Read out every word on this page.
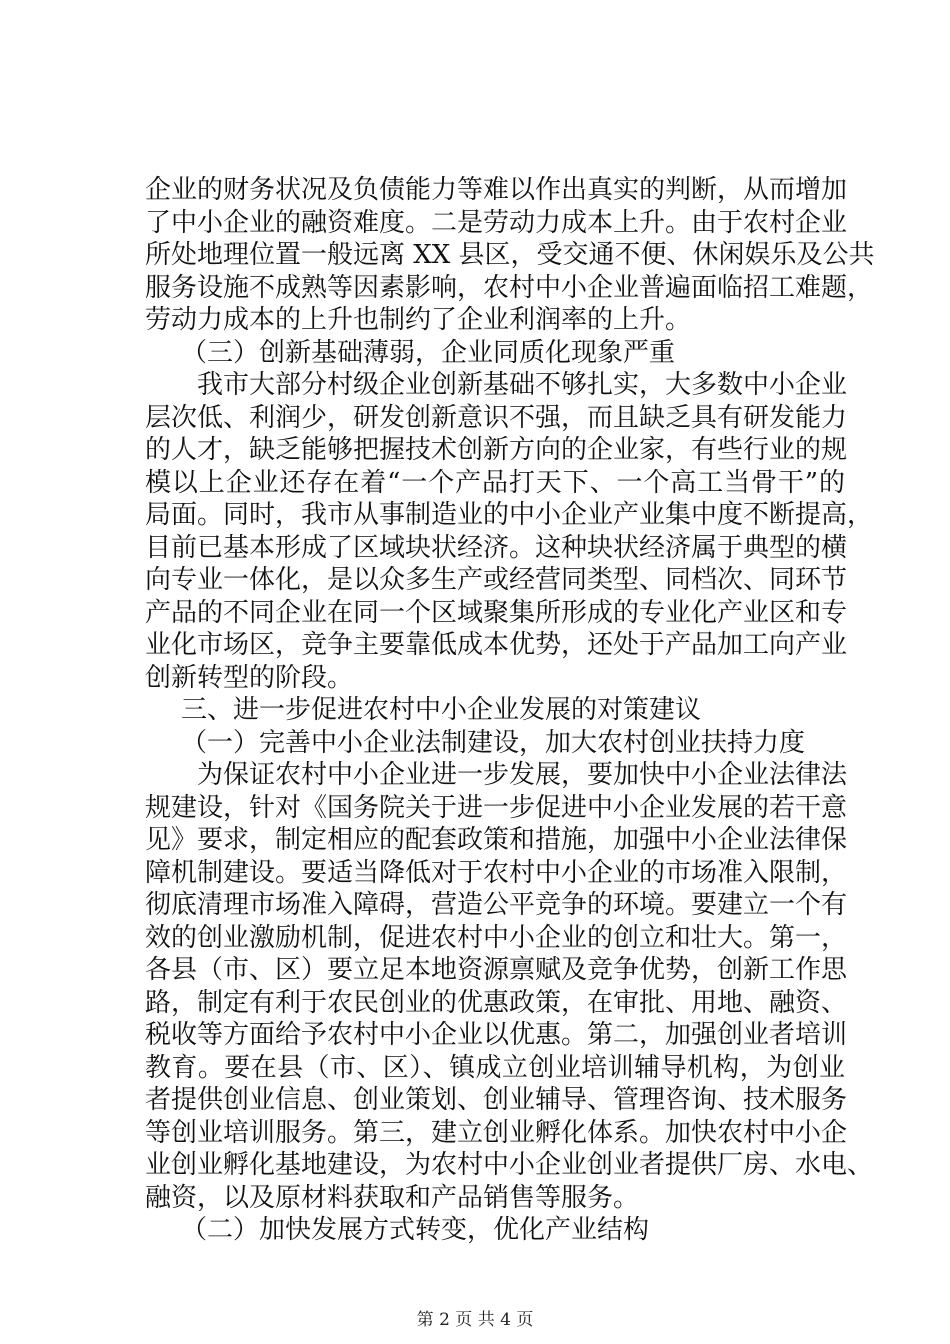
企业的财务状况及负债能力等难以作出真实的判断，从而增加
了中小企业的融资难度。二是劳动力成本上升。由于农村企业
所处地理位置一般远离 XX 县区，受交通不便、休闲娱乐及公共
服务设施不成熟等因素影响，农村中小企业普遍面临招工难题，
劳动力成本的上升也制约了企业利润率的上升。
（三）创新基础薄弱，企业同质化现象严重
我市大部分村级企业创新基础不够扎实，大多数中小企业
层次低、利润少，研发创新意识不强，而且缺乏具有研发能力
的人才，缺乏能够把握技术创新方向的企业家，有些行业的规
模以上企业还存在着“一个产品打天下、一个高工当骨干”的
局面。同时，我市从事制造业的中小企业产业集中度不断提高，
目前已基本形成了区域块状经济。这种块状经济属于典型的横
向专业一体化，是以众多生产或经营同类型、同档次、同环节
产品的不同企业在同一个区域聚集所形成的专业化产业区和专
业化市场区，竞争主要靠低成本优势，还处于产品加工向产业
创新转型的阶段。
三、进一步促进农村中小企业发展的对策建议
（一）完善中小企业法制建设，加大农村创业扶持力度
为保证农村中小企业进一步发展，要加快中小企业法律法
规建设，针对《国务院关于进一步促进中小企业发展的若干意
见》要求，制定相应的配套政策和措施，加强中小企业法律保
障机制建设。要适当降低对于农村中小企业的市场准入限制，
彻底清理市场准入障碍，营造公平竞争的环境。要建立一个有
效的创业激励机制，促进农村中小企业的创立和壮大。第一，
各县（市、区）要立足本地资源禀赋及竞争优势，创新工作思
路，制定有利于农民创业的优惠政策，在审批、用地、融资、
税收等方面给予农村中小企业以优惠。第二，加强创业者培训
教育。要在县（市、区）、镇成立创业培训辅导机构，为创业
者提供创业信息、创业策划、创业辅导、管理咨询、技术服务
等创业培训服务。第三，建立创业孵化体系。加快农村中小企
业创业孵化基地建设，为农村中小企业创业者提供厂房、水电、
融资，以及原材料获取和产品销售等服务。
（二）加快发展方式转变，优化产业结构
第 2 页 共 4 页
